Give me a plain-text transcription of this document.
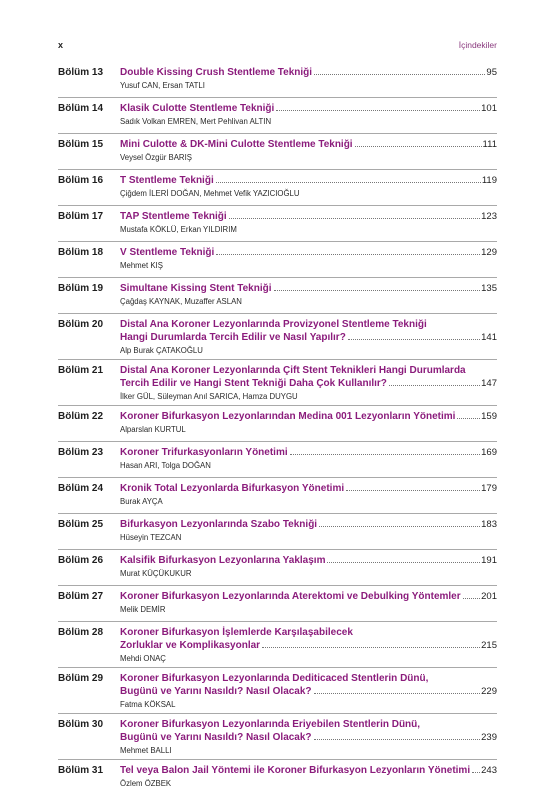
x	İçindekiler
Bölüm 13 Double Kissing Crush Stentleme Tekniği	95
Yusuf CAN, Ersan TATLI
Bölüm 14 Klasik Culotte Stentleme Tekniği	101
Sadık Volkan EMREN, Mert Pehlivan ALTIN
Bölüm 15 Mini Culotte & DK-Mini Culotte Stentleme Tekniği	111
Veysel Özgür BARIŞ
Bölüm 16 T Stentleme Tekniği	119
Çiğdem İLERİ DOĞAN, Mehmet Vefik YAZICIOĞLU
Bölüm 17 TAP Stentleme Tekniği	123
Mustafa KÖKLÜ, Erkan YILDIRIM
Bölüm 18 V Stentleme Tekniği	129
Mehmet KIŞ
Bölüm 19 Simultane Kissing Stent Tekniği	135
Çağdaş KAYNAK, Muzaffer ASLAN
Bölüm 20 Distal Ana Koroner Lezyonlarında Provizyonel Stentleme Tekniği
Hangi Durumlarda Tercih Edilir ve Nasıl Yapılır?	141
Alp Burak ÇATAKOĞLU
Bölüm 21 Distal Ana Koroner Lezyonlarında Çift Stent Teknikleri Hangi Durumlarda
Tercih Edilir ve Hangi Stent Tekniği Daha Çok Kullanılır?	147
İlker GÜL, Süleyman Anıl SARICA, Hamza DUYGU
Bölüm 22 Koroner Bifurkasyon Lezyonlarından Medina 001 Lezyonların Yönetimi	159
Alparslan KURTUL
Bölüm 23 Koroner Trifurkasyonların Yönetimi	169
Hasan ARI, Tolga DOĞAN
Bölüm 24 Kronik Total Lezyonlarda Bifurkasyon Yönetimi	179
Burak AYÇA
Bölüm 25 Bifurkasyon Lezyonlarında Szabo Tekniği	183
Hüseyin TEZCAN
Bölüm 26 Kalsifik Bifurkasyon Lezyonlarına Yaklaşım	191
Murat KÜÇÜKUKUR
Bölüm 27 Koroner Bifurkasyon Lezyonlarında Aterektomi ve Debulking Yöntemler 201
Melik DEMİR
Bölüm 28 Koroner Bifurkasyon İşlemlerde Karşılaşabilecek
Zorluklar ve Komplikasyonlar	215
Mehdi ONAÇ
Bölüm 29 Koroner Bifurkasyon Lezyonlarında Dediticaced Stentlerin Dünü,
Bugünü ve Yarını Nasıldı? Nasıl Olacak?	229
Fatma KÖKSAL
Bölüm 30 Koroner Bifurkasyon Lezyonlarında Eriyebilen Stentlerin Dünü,
Bugünü ve Yarını Nasıldı? Nasıl Olacak?	239
Mehmet BALLI
Bölüm 31 Tel veya Balon Jail Yöntemi ile Koroner Bifurkasyon Lezyonların Yönetimi 243
Özlem ÖZBEK
